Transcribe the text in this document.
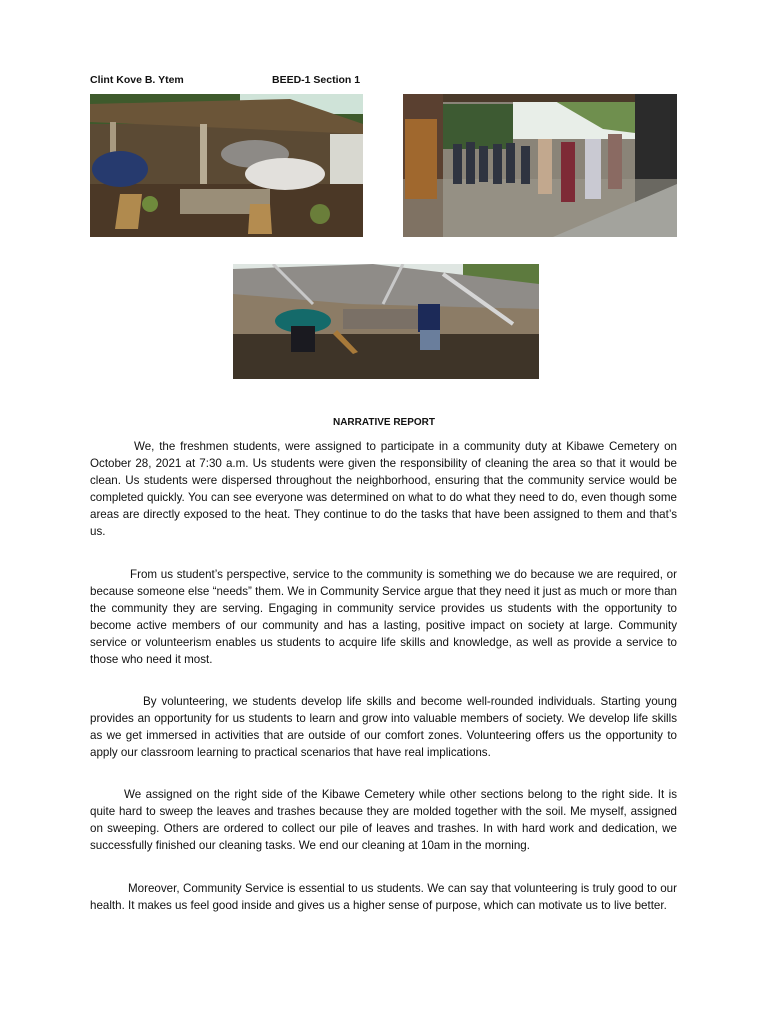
Clint Kove B. Ytem	BEED-1 Section 1
NARRATIVE REPORT

We, the freshmen students, were assigned to participate in a community duty at Kibawe Cemetery on October 28, 2021 at 7:30 a.m. Us students were given the responsibility of cleaning the area so that it would be clean. Us students were dispersed throughout the neighborhood, ensuring that the community service would be completed quickly. You can see everyone was determined on what to do what they need to do, even though some areas are directly exposed to the heat. They continue to do the tasks that have been assigned to them and that’s us.

From us student’s perspective, service to the community is something we do because we are required, or because someone else “needs” them. We in Community Service argue that they need it just as much or more than the community they are serving. Engaging in community service provides us students with the opportunity to become active members of our community and has a lasting, positive impact on society at large. Community service or volunteerism enables us students to acquire life skills and knowledge, as well as provide a service to those who need it most.

By volunteering, we students develop life skills and become well-rounded individuals. Starting young provides an opportunity for us students to learn and grow into valuable members of society. We develop life skills as we get immersed in activities that are outside of our comfort zones. Volunteering offers us the opportunity to apply our classroom learning to practical scenarios that have real implications.

We assigned on the right side of the Kibawe Cemetery while other sections belong to the right side. It is quite hard to sweep the leaves and trashes because they are molded together with the soil. Me myself, assigned on sweeping. Others are ordered to collect our pile of leaves and trashes. In with hard work and dedication, we successfully finished our cleaning tasks. We end our cleaning at 10am in the morning.

Moreover, Community Service is essential to us students. We can say that volunteering is truly good to our health. It makes us feel good inside and gives us a higher sense of purpose, which can motivate us to live better.
